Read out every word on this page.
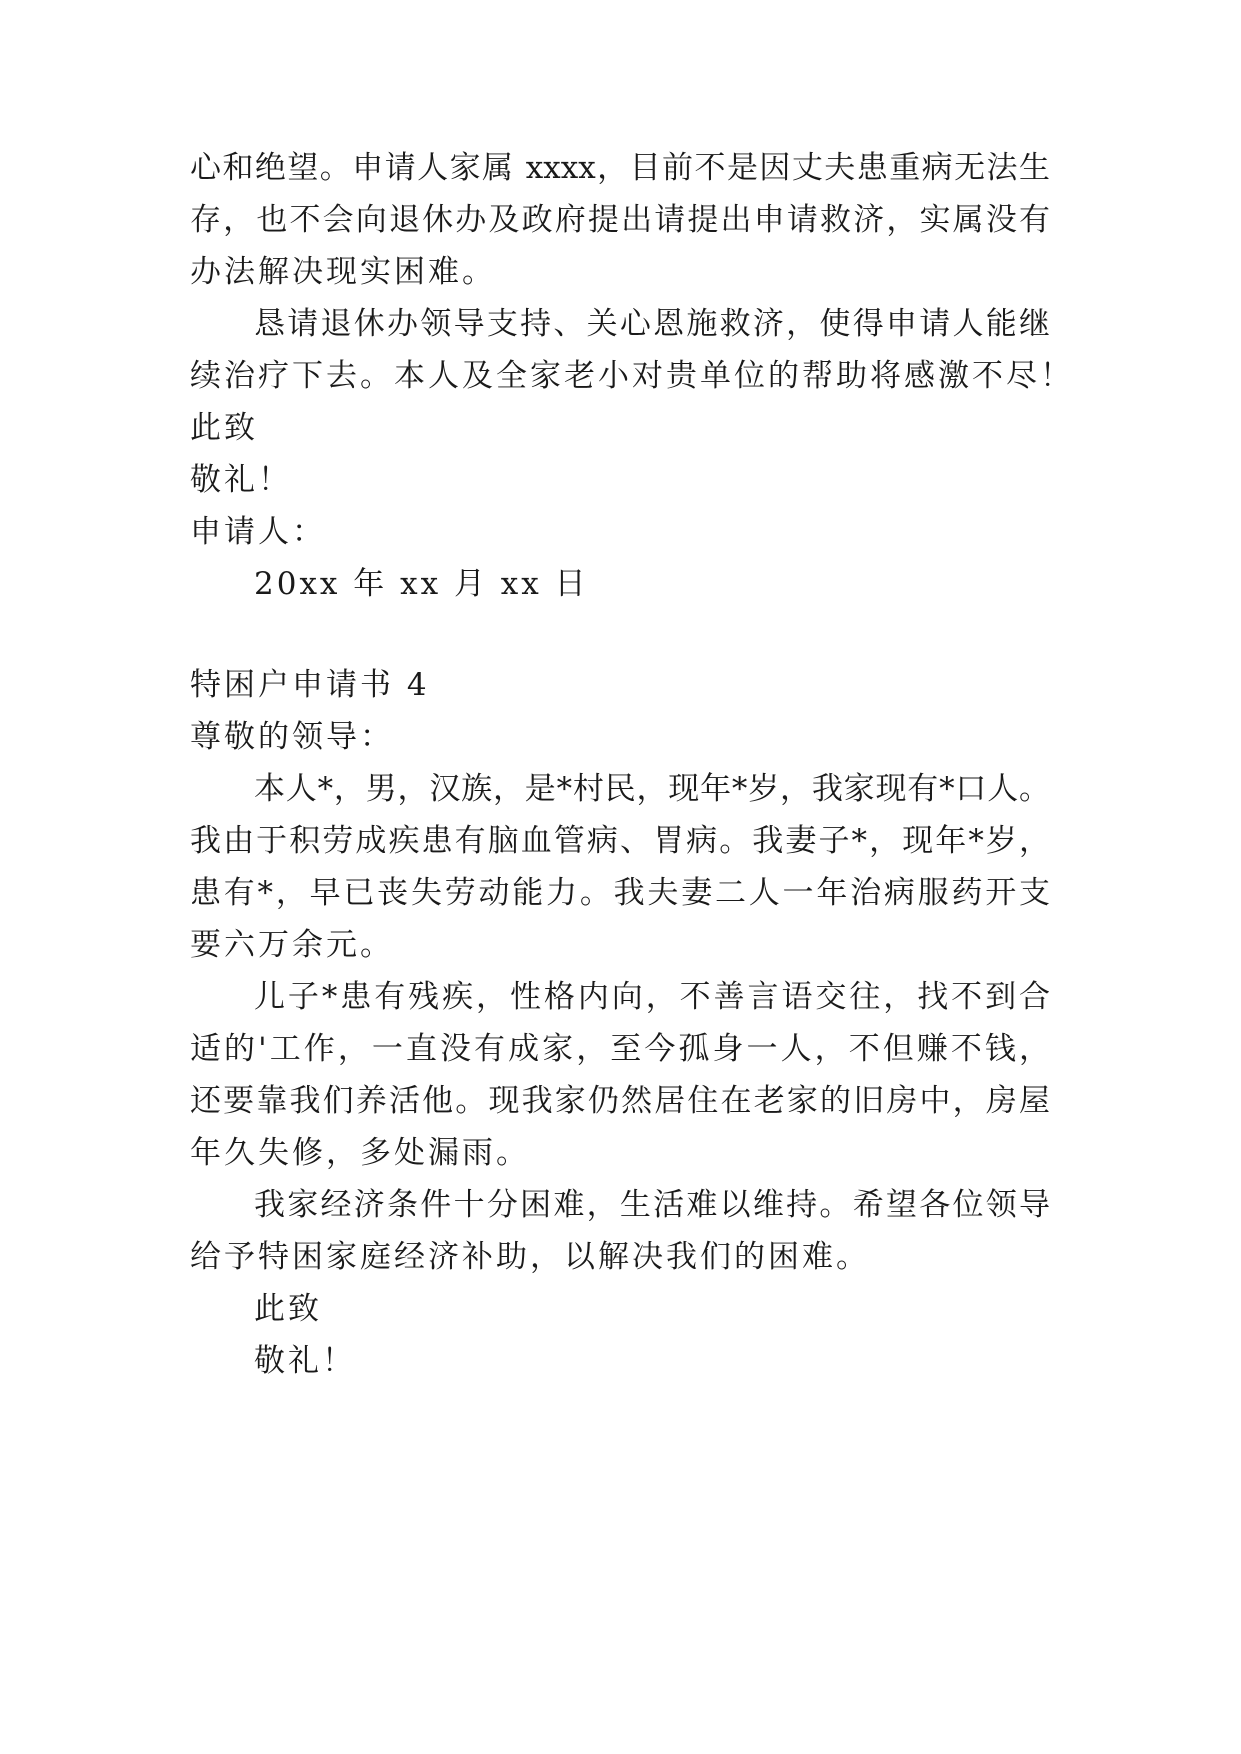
心和绝望。申请人家属 xxxx，目前不是因丈夫患重病无法生
存，也不会向退休办及政府提出请提出申请救济，实属没有
办法解决现实困难。
恳请退休办领导支持、关心恩施救济，使得申请人能继
续治疗下去。本人及全家老小对贵单位的帮助将感激不尽！
此致
敬礼！
申请人：
20xx 年 xx 月 xx 日
特困户申请书 4
尊敬的领导：
本人*，男，汉族，是*村民，现年*岁，我家现有*口人。
我由于积劳成疾患有脑血管病、胃病。我妻子*，现年*岁，
患有*，早已丧失劳动能力。我夫妻二人一年治病服药开支
要六万余元。
儿子*患有残疾，性格内向，不善言语交往，找不到合
适的'工作，一直没有成家，至今孤身一人，不但赚不钱，
还要靠我们养活他。现我家仍然居住在老家的旧房中，房屋
年久失修，多处漏雨。
我家经济条件十分困难，生活难以维持。希望各位领导
给予特困家庭经济补助，以解决我们的困难。
此致
敬礼！
